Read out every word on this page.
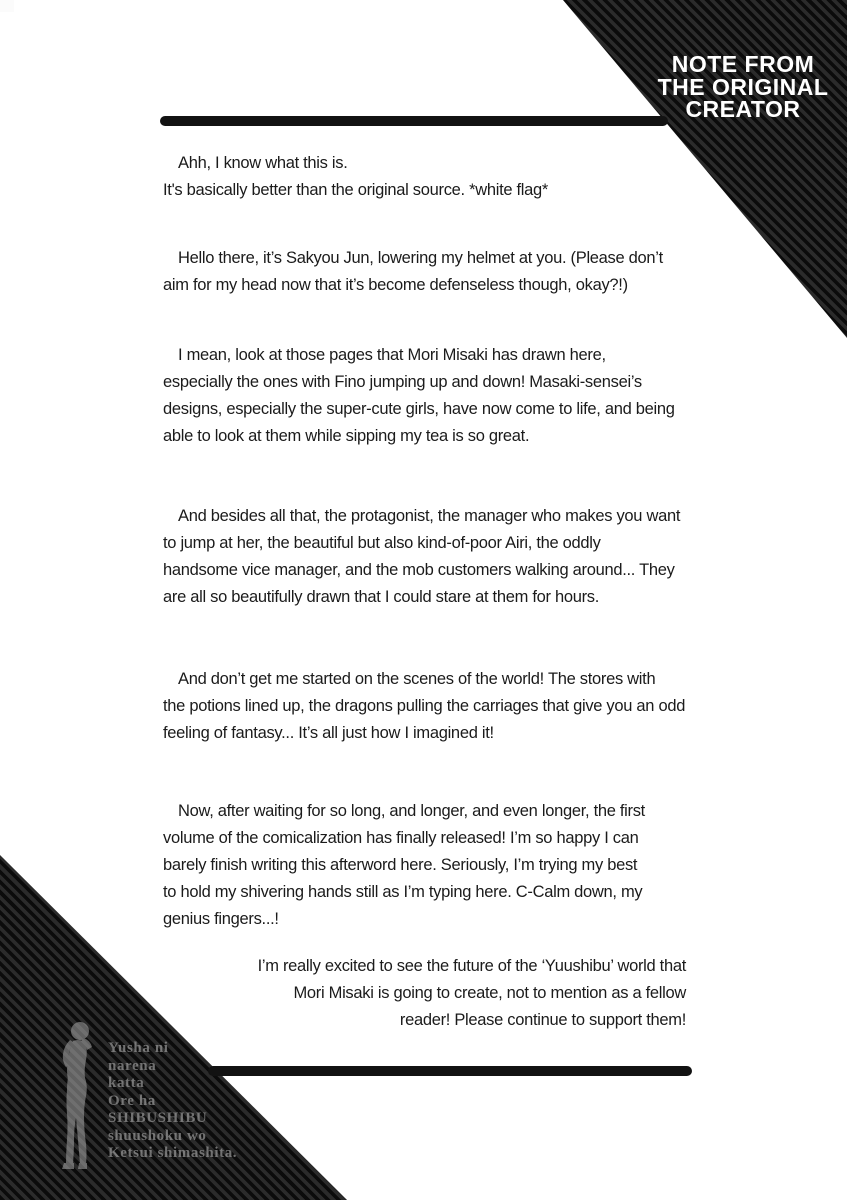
NOTE FROM
THE ORIGINAL
CREATOR
Ahh, I know what this is.
It's basically better than the original source. *white flag*
Hello there, it’s Sakyou Jun, lowering my helmet at you. (Please don’t
aim for my head now that it’s become defenseless though, okay?!)
I mean, look at those pages that Mori Misaki has drawn here,
especially the ones with Fino jumping up and down! Masaki-sensei’s
designs, especially the super-cute girls, have now come to life, and being
able to look at them while sipping my tea is so great.
And besides all that, the protagonist, the manager who makes you want
to jump at her, the beautiful but also kind-of-poor Airi, the oddly
handsome vice manager, and the mob customers walking around... They
are all so beautifully drawn that I could stare at them for hours.
And don’t get me started on the scenes of the world! The stores with
the potions lined up, the dragons pulling the carriages that give you an odd
feeling of fantasy... It’s all just how I imagined it!
Now, after waiting for so long, and longer, and even longer, the first
volume of the comicalization has finally released! I’m so happy I can
barely finish writing this afterword here. Seriously, I’m trying my best
to hold my shivering hands still as I’m typing here. C-Calm down, my
genius fingers...!
I’m really excited to see the future of the ‘Yuushibu’ world that
Mori Misaki is going to create, not to mention as a fellow
reader! Please continue to support them!
Yusha ni
narena
katta
Ore ha
SHIBUSHIBU
shuushoku wo
Ketsui shimashita.
